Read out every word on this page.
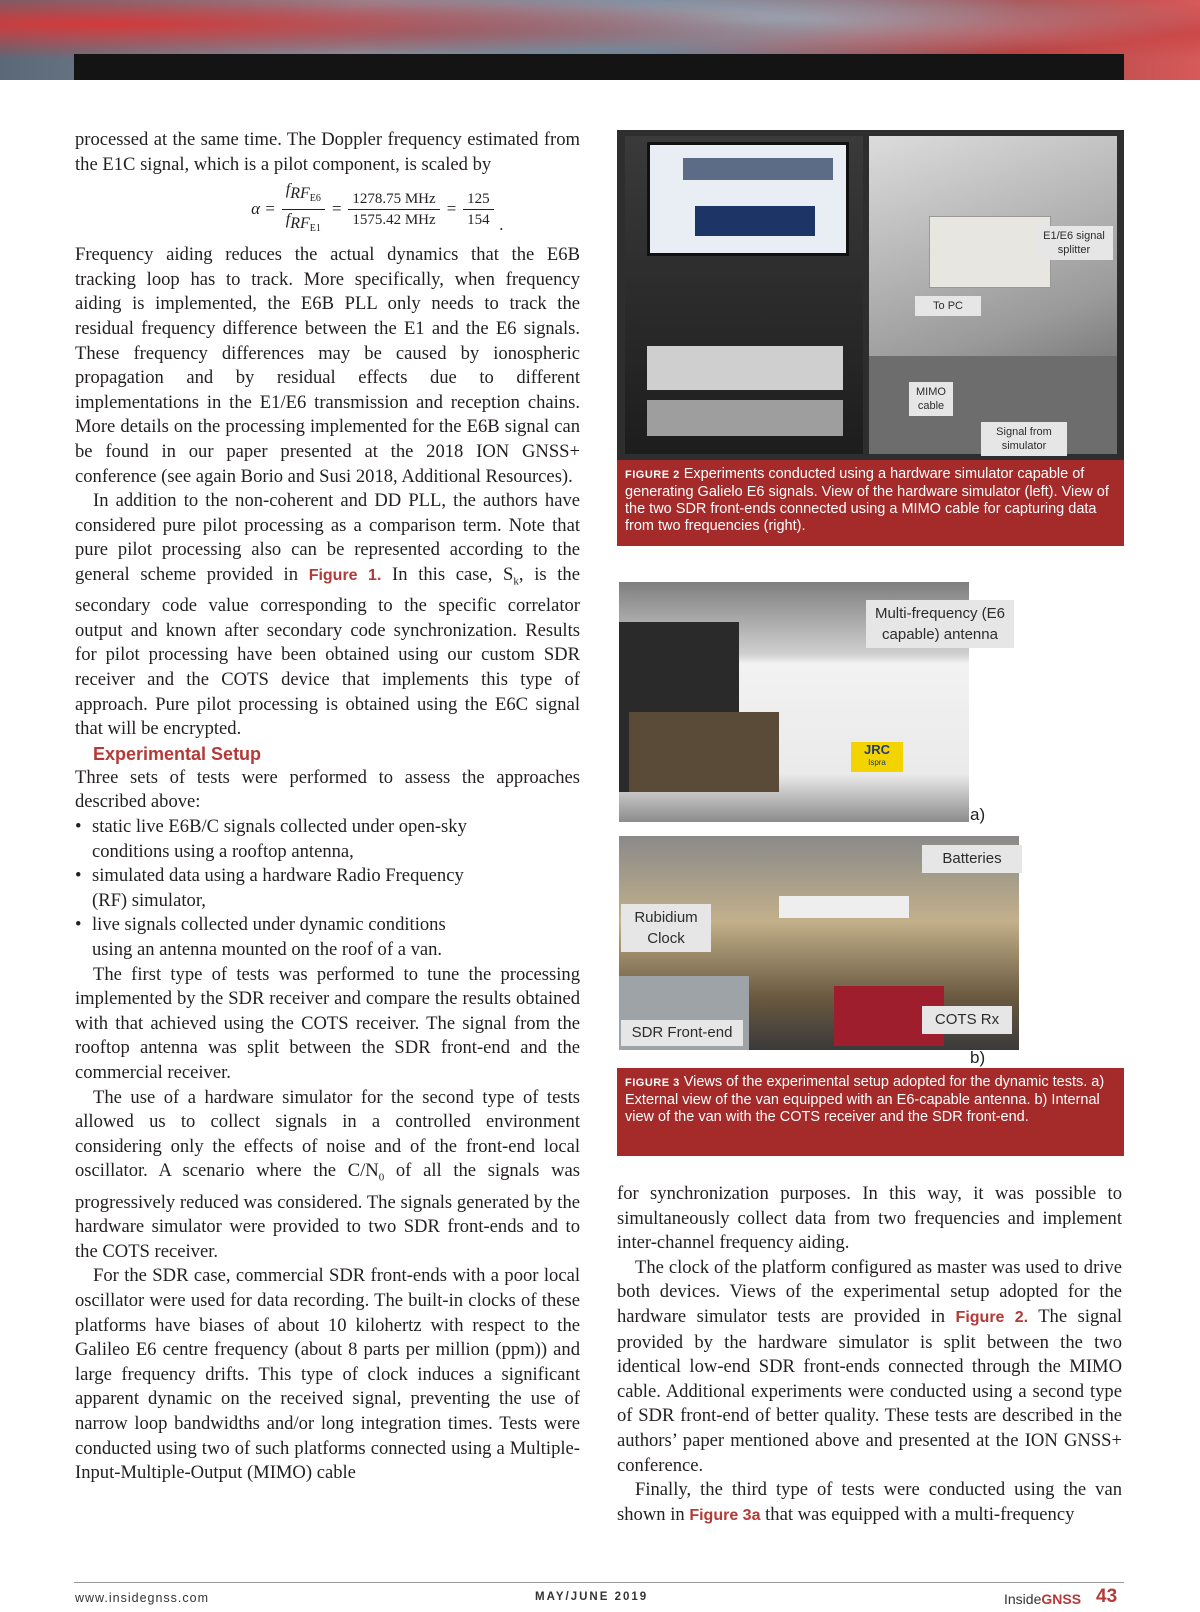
processed at the same time. The Doppler frequency estimated from the E1C signal, which is a pilot component, is scaled by

$\alpha = \frac{f_{RF_{E6}}}{f_{RF_{E1}}} = \frac{\text{1278.75 MHz}}{\text{1575.42 MHz}} = \frac{125}{154}$ .

Frequency aiding reduces the actual dynamics that the E6B tracking loop has to track. More specifically, when frequency aiding is implemented, the E6B PLL only needs to track the residual frequency difference between the E1 and the E6 signals. These frequency differences may be caused by ionospheric propagation and by residual effects due to different implementations in the E1/E6 transmission and reception chains. More details on the processing implemented for the E6B signal can be found in our paper presented at the 2018 ION GNSS+ conference (see again Borio and Susi 2018, Additional Resources).

In addition to the non-coherent and DD PLL, the authors have considered pure pilot processing as a comparison term. Note that pure pilot processing also can be represented according to the general scheme provided in Figure 1. In this case, $S_k$, is the secondary code value corresponding to the specific correlator output and known after secondary code synchronization. Results for pilot processing have been obtained using our custom SDR receiver and the COTS device that implements this type of approach. Pure pilot processing is obtained using the E6C signal that will be encrypted.

Experimental Setup

Three sets of tests were performed to assess the approaches described above:

• static live E6B/C signals collected under open-sky conditions using a rooftop antenna,
• simulated data using a hardware Radio Frequency (RF) simulator,
• live signals collected under dynamic conditions using an antenna mounted on the roof of a van.

The first type of tests was performed to tune the processing implemented by the SDR receiver and compare the results obtained with that achieved using the COTS receiver. The signal from the rooftop antenna was split between the SDR front-end and the commercial receiver.

The use of a hardware simulator for the second type of tests allowed us to collect signals in a controlled environment considering only the effects of noise and of the front-end local oscillator. A scenario where the $C/N_0$ of all the signals was progressively reduced was considered. The signals generated by the hardware simulator were provided to two SDR front-ends and to the COTS receiver.

For the SDR case, commercial SDR front-ends with a poor local oscillator were used for data recording. The built-in clocks of these platforms have biases of about 10 kilohertz with respect to the Galileo E6 centre frequency (about 8 parts per million (ppm)) and large frequency drifts. This type of clock induces a significant apparent dynamic on the received signal, preventing the use of narrow loop bandwidths and/or long integration times. Tests were conducted using two of such platforms connected using a Multiple-Input-Multiple-Output (MIMO) cable

E1/E6 signal splitter
To PC
MIMO cable
Signal from simulator
FIGURE 2 Experiments conducted using a hardware simulator capable of generating Galielo E6 signals. View of the hardware simulator (left). View of the two SDR front-ends connected using a MIMO cable for capturing data from two frequencies (right).
Multi-frequency (E6 capable) antenna
JRC
Ispra
a)
Batteries
Rubidium Clock
SDR Front-end
COTS Rx
b)
FIGURE 3 Views of the experimental setup adopted for the dynamic tests. a) External view of the van equipped with an E6-capable antenna. b) Internal view of the van with the COTS receiver and the SDR front-end.

for synchronization purposes. In this way, it was possible to simultaneously collect data from two frequencies and implement inter-channel frequency aiding.

The clock of the platform configured as master was used to drive both devices. Views of the experimental setup adopted for the hardware simulator tests are provided in Figure 2. The signal provided by the hardware simulator is split between the two identical low-end SDR front-ends connected through the MIMO cable. Additional experiments were conducted using a second type of SDR front-end of better quality. These tests are described in the authors’ paper mentioned above and presented at the ION GNSS+ conference.

Finally, the third type of tests were conducted using the van shown in Figure 3a that was equipped with a multi-frequency

www.insidegnss.com	MAY/JUNE 2019	InsideGNSS 43
